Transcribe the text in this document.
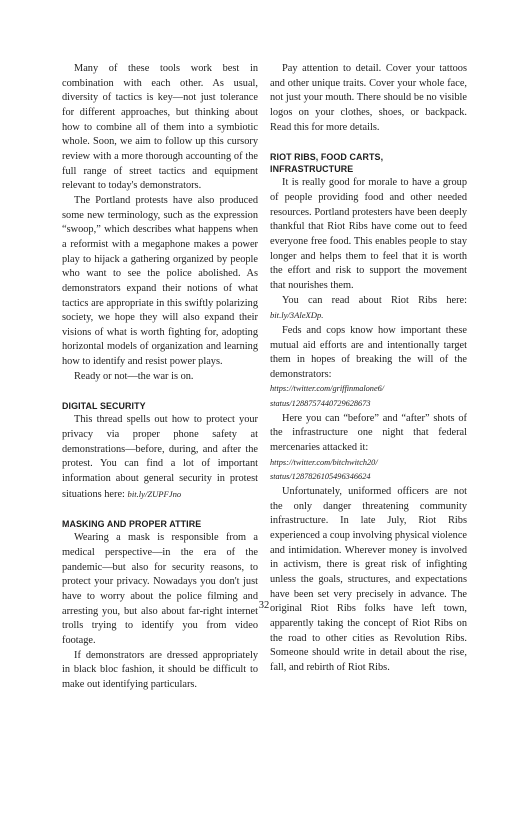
Many of these tools work best in combination with each other. As usual, diversity of tactics is key—not just tolerance for different approaches, but thinking about how to combine all of them into a symbiotic whole. Soon, we aim to follow up this cursory review with a more thorough accounting of the full range of street tactics and equipment relevant to today's demonstrators.

The Portland protests have also produced some new terminology, such as the expression “swoop,” which describes what happens when a reformist with a megaphone makes a power play to hijack a gathering organized by people who want to see the police abolished. As demonstrators expand their notions of what tactics are appropriate in this swiftly polarizing society, we hope they will also expand their visions of what is worth fighting for, adopting horizontal models of organization and learning how to identify and resist power plays.

Ready or not—the war is on.

DIGITAL SECURITY

This thread spells out how to protect your privacy via proper phone safety at demonstrations—before, during, and after the protest. You can find a lot of important information about general security in protest situations here: bit.ly/ZUPFJno

MASKING AND PROPER ATTIRE

Wearing a mask is responsible from a medical perspective—in the era of the pandemic—but also for security reasons, to protect your privacy. Nowadays you don't just have to worry about the police filming and arresting you, but also about far-right internet trolls trying to identify you from video footage.

If demonstrators are dressed appropriately in black bloc fashion, it should be difficult to make out identifying particulars.

Pay attention to detail. Cover your tattoos and other unique traits. Cover your whole face, not just your mouth. There should be no visible logos on your clothes, shoes, or backpack. Read this for more details.

RIOT RIBS, FOOD CARTS, INFRASTRUCTURE

It is really good for morale to have a group of people providing food and other needed resources. Portland protesters have been deeply thankful that Riot Ribs have come out to feed everyone free food. This enables people to stay longer and helps them to feel that it is worth the effort and risk to support the movement that nourishes them.

You can read about Riot Ribs here: bit.ly/3AleXDp.

Feds and cops know how important these mutual aid efforts are and intentionally target them in hopes of breaking the will of the demonstrators:
https://twitter.com/griffinmalone6/
status/1288757440729628673

Here you can “before” and “after” shots of the infrastructure one night that federal mercenaries attacked it:
https://twitter.com/bitchwitch20/
status/1287826105496346624

Unfortunately, uniformed officers are not the only danger threatening community infrastructure. In late July, Riot Ribs experienced a coup involving physical violence and intimidation. Wherever money is involved in activism, there is great risk of infighting unless the goals, structures, and expectations have been set very precisely in advance. The original Riot Ribs folks have left town, apparently taking the concept of Riot Ribs on the road to other cities as Revolution Ribs. Someone should write in detail about the rise, fall, and rebirth of Riot Ribs.

32
